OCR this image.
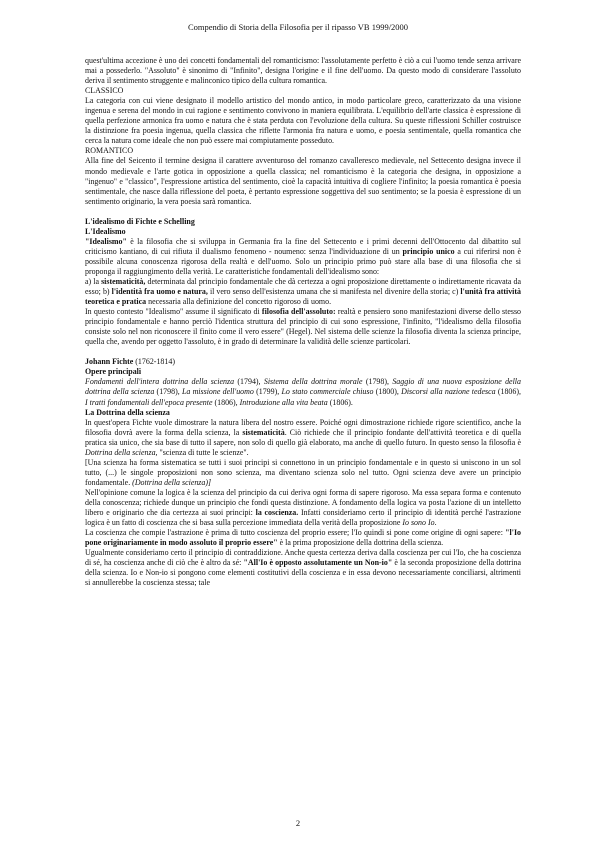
Compendio di Storia della Filosofia per il ripasso VB 1999/2000

quest'ultima accezione è uno dei concetti fondamentali del romanticismo: l'assolutamente perfetto è ciò a cui l'uomo tende senza arrivare mai a possederlo. "Assoluto" è sinonimo di "Infinito", designa l'origine e il fine dell'uomo. Da questo modo di considerare l'assoluto deriva il sentimento struggente e malinconico tipico della cultura romantica.

CLASSICO

La categoria con cui viene designato il modello artistico del mondo antico, in modo particolare greco, caratterizzato da una visione ingenua e serena del mondo in cui ragione e sentimento convivono in maniera equilibrata. L'equilibrio dell'arte classica è espressione di quella perfezione armonica fra uomo e natura che è stata perduta con l'evoluzione della cultura. Su queste riflessioni Schiller costruisce la distinzione fra poesia ingenua, quella classica che riflette l'armonia fra natura e uomo, e poesia sentimentale, quella romantica che cerca la natura come ideale che non può essere mai compiutamente posseduto.

ROMANTICO

Alla fine del Seicento il termine designa il carattere avventuroso del romanzo cavalleresco medievale, nel Settecento designa invece il mondo medievale e l'arte gotica in opposizione a quella classica; nel romanticismo è la categoria che designa, in opposizione a "ingenuo" e "classico", l'espressione artistica del sentimento, cioè la capacità intuitiva di cogliere l'infinito; la poesia romantica è poesia sentimentale, che nasce dalla riflessione del poeta, è pertanto espressione soggettiva del suo sentimento; se la poesia è espressione di un sentimento originario, la vera poesia sarà romantica.

L'idealismo di Fichte e Schelling

L'Idealismo

"Idealismo" è la filosofia che si sviluppa in Germania fra la fine del Settecento e i primi decenni dell'Ottocento dal dibattito sul criticismo kantiano, di cui rifiuta il dualismo fenomeno - noumeno: senza l'individuazione di un principio unico a cui riferirsi non è possibile alcuna conoscenza rigorosa della realtà e dell'uomo. Solo un principio primo può stare alla base di una filosofia che si proponga il raggiungimento della verità. Le caratteristiche fondamentali dell'idealismo sono:

a) la sistematicità, determinata dal principio fondamentale che dà certezza a ogni proposizione direttamente o indirettamente ricavata da esso; b) l'identità fra uomo e natura, il vero senso dell'esistenza umana che si manifesta nel divenire della storia; c) l'unità fra attività teoretica e pratica necessaria alla definizione del concetto rigoroso di uomo.

In questo contesto "Idealismo" assume il significato di filosofia dell'assoluto: realtà e pensiero sono manifestazioni diverse dello stesso principio fondamentale e hanno perciò l'identica struttura del principio di cui sono espressione, l'infinito, "l'idealismo della filosofia consiste solo nel non riconoscere il finito come il vero essere" (Hegel). Nel sistema delle scienze la filosofia diventa la scienza principe, quella che, avendo per oggetto l'assoluto, è in grado di determinare la validità delle scienze particolari.

Johann Fichte (1762-1814)

Opere principali

Fondamenti dell'intera dottrina della scienza (1794), Sistema della dottrina morale (1798), Saggio di una nuova esposizione della dottrina della scienza (1798), La missione dell'uomo (1799), Lo stato commerciale chiuso (1800), Discorsi alla nazione tedesca (1806), I tratti fondamentali dell'epoca presente (1806), Introduzione alla vita beata (1806).

La Dottrina della scienza

In quest'opera Fichte vuole dimostrare la natura libera del nostro essere. Poiché ogni dimostrazione richiede rigore scientifico, anche la filosofia dovrà avere la forma della scienza, la sistematicità. Ciò richiede che il principio fondante dell'attività teoretica e di quella pratica sia unico, che sia base di tutto il sapere, non solo di quello già elaborato, ma anche di quello futuro. In questo senso la filosofia è Dottrina della scienza, "scienza di tutte le scienze".

[Una scienza ha forma sistematica se tutti i suoi principi si connettono in un principio fondamentale e in questo si uniscono in un sol tutto, (...) le singole proposizioni non sono scienza, ma diventano scienza solo nel tutto. Ogni scienza deve avere un principio fondamentale. (Dottrina della scienza)]

Nell'opinione comune la logica è la scienza del principio da cui deriva ogni forma di sapere rigoroso. Ma essa separa forma e contenuto della conoscenza; richiede dunque un principio che fondi questa distinzione. A fondamento della logica va posta l'azione di un intelletto libero e originario che dia certezza ai suoi principi: la coscienza. Infatti consideriamo certo il principio di identità perché l'astrazione logica è un fatto di coscienza che si basa sulla percezione immediata della verità della proposizione Io sono Io.

La coscienza che compie l'astrazione è prima di tutto coscienza del proprio essere; l'Io quindi si pone come origine di ogni sapere: "l'Io pone originariamente in modo assoluto il proprio essere" è la prima proposizione della dottrina della scienza.

Ugualmente consideriamo certo il principio di contraddizione. Anche questa certezza deriva dalla coscienza per cui l'Io, che ha coscienza di sé, ha coscienza anche di ciò che è altro da sé: "All'Io è opposto assolutamente un Non-io" è la seconda proposizione della dottrina della scienza. Io e Non-io si pongono come elementi costitutivi della coscienza e in essa devono necessariamente conciliarsi, altrimenti si annullerebbe la coscienza stessa; tale

2
